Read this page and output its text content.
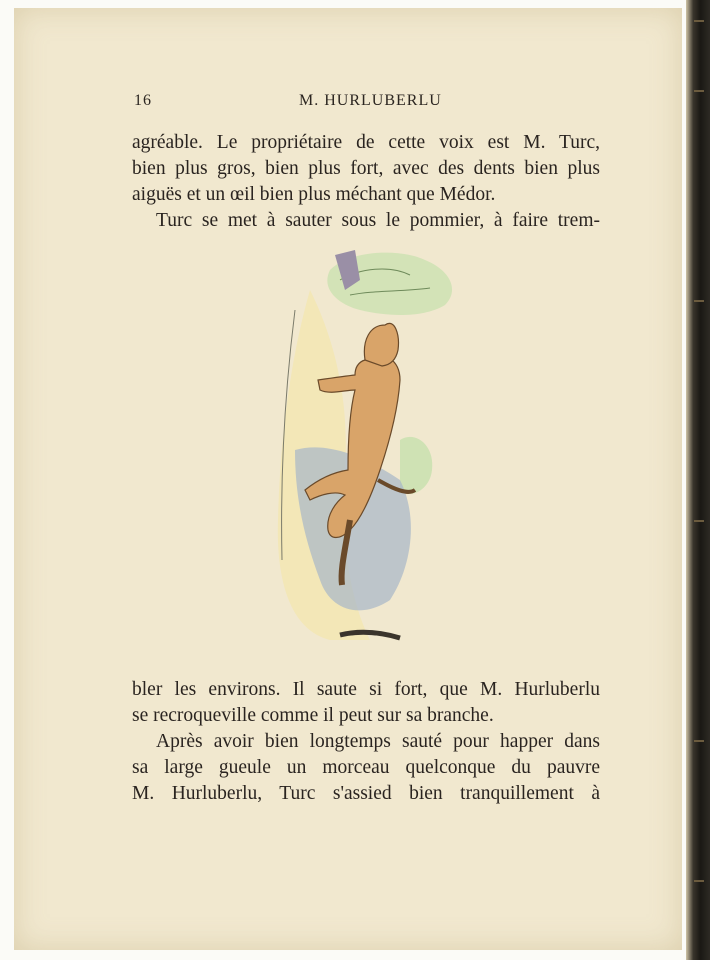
16	M. HURLUBERLU

agréable. Le propriétaire de cette voix est M. Turc,

bien plus gros, bien plus fort, avec des dents bien plus

aiguës et un œil bien plus méchant que Médor.

Turc se met à sauter sous le pommier, à faire trem-

bler les environs. Il saute si fort, que M. Hurluberlu

se recroqueville comme il peut sur sa branche.

Après avoir bien longtemps sauté pour happer dans

sa large gueule un morceau quelconque du pauvre

M. Hurluberlu, Turc s'assied bien tranquillement à
